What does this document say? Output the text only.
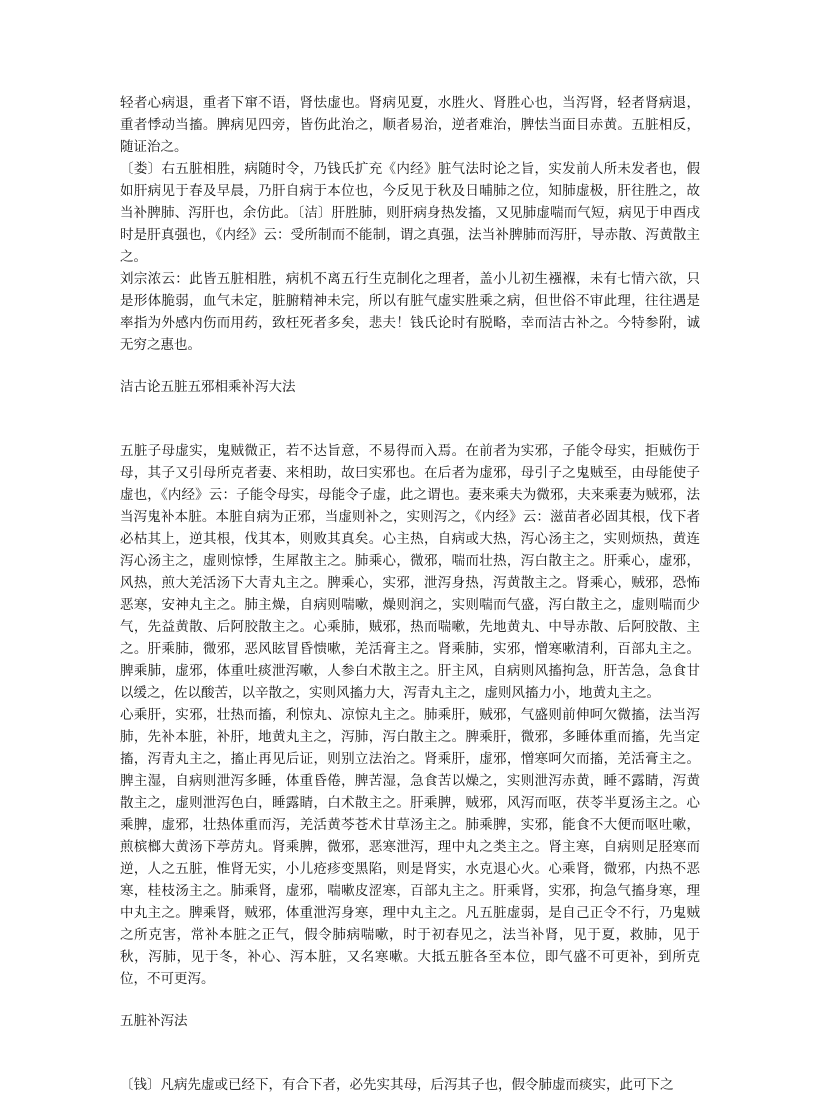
轻者心病退，重者下窜不语，肾怯虚也。肾病见夏，水胜火、肾胜心也，当泻肾，轻者肾病退，重者悸动当搐。脾病见四旁，皆伤此治之，顺者易治，逆者难治，脾怯当面目赤黄。五脏相反，随证治之。

〔娄〕右五脏相胜，病随时令，乃钱氏扩充《内经》脏气法时论之旨，实发前人所未发者也，假如肝病见于春及早晨，乃肝自病于本位也，今反见于秋及日晡肺之位，知肺虚极，肝往胜之，故当补脾肺、泻肝也，余仿此。〔洁〕肝胜肺，则肝病身热发搐，又见肺虚喘而气短，病见于申酉戌时是肝真强也，《内经》云：受所制而不能制，谓之真强，法当补脾肺而泻肝，导赤散、泻黄散主之。

刘宗浓云：此皆五脏相胜，病机不离五行生克制化之理者，盖小儿初生襁褓，未有七情六欲，只是形体脆弱，血气未定，脏腑精神未完，所以有脏气虚实胜乘之病，但世俗不审此理，往往遇是率指为外感内伤而用药，致枉死者多矣，悲夫！钱氏论时有脱略，幸而洁古补之。今特参附，诚无穷之惠也。

洁古论五脏五邪相乘补泻大法

五脏子母虚实，鬼贼微正，若不达旨意，不易得而入焉。在前者为实邪，子能令母实，拒贼伤于母，其子又引母所克者妻、来相助，故曰实邪也。在后者为虚邪，母引子之鬼贼至，由母能使子虚也，《内经》云：子能令母实，母能令子虚，此之谓也。妻来乘夫为微邪，夫来乘妻为贼邪，法当泻鬼补本脏。本脏自病为正邪，当虚则补之，实则泻之，《内经》云：滋苗者必固其根，伐下者必枯其上，逆其根，伐其本，则败其真矣。心主热，自病或大热，泻心汤主之，实则烦热，黄连泻心汤主之，虚则惊悸，生犀散主之。肺乘心，微邪，喘而壮热，泻白散主之。肝乘心，虚邪，风热，煎大羌活汤下大青丸主之。脾乘心，实邪，泄泻身热，泻黄散主之。肾乘心，贼邪，恐怖恶寒，安神丸主之。肺主燥，自病则喘嗽，燥则润之，实则喘而气盛，泻白散主之，虚则喘而少气，先益黄散、后阿胶散主之。心乘肺，贼邪，热而喘嗽，先地黄丸、中导赤散、后阿胶散、主之。肝乘肺，微邪，恶风眩冒昏愦嗽，羌活膏主之。肾乘肺，实邪，憎寒嗽清利，百部丸主之。脾乘肺，虚邪，体重吐痰泄泻嗽，人参白术散主之。肝主风，自病则风搐拘急，肝苦急，急食甘以缓之，佐以酸苦，以辛散之，实则风搐力大，泻青丸主之，虚则风搐力小，地黄丸主之。

心乘肝，实邪，壮热而搐，利惊丸、凉惊丸主之。肺乘肝，贼邪，气盛则前伸呵欠微搐，法当泻肺，先补本脏，补肝，地黄丸主之，泻肺，泻白散主之。脾乘肝，微邪，多睡体重而搐，先当定搐，泻青丸主之，搐止再见后证，则别立法治之。肾乘肝，虚邪，憎寒呵欠而搐，羌活膏主之。脾主湿，自病则泄泻多睡，体重昏倦，脾苦湿，急食苦以燥之，实则泄泻赤黄，睡不露睛，泻黄散主之，虚则泄泻色白，睡露睛，白术散主之。肝乘脾，贼邪，风泻而呕，茯苓半夏汤主之。心乘脾，虚邪，壮热体重而泻，羌活黄芩苍术甘草汤主之。肺乘脾，实邪，能食不大便而呕吐嗽，煎槟榔大黄汤下葶苈丸。肾乘脾，微邪，恶寒泄泻，理中丸之类主之。肾主寒，自病则足胫寒而逆，人之五脏，惟肾无实，小儿疮疹变黑陷，则是肾实，水克退心火。心乘肾，微邪，内热不恶寒，桂枝汤主之。肺乘肾，虚邪，喘嗽皮涩寒，百部丸主之。肝乘肾，实邪，拘急气搐身寒，理中丸主之。脾乘肾，贼邪，体重泄泻身寒，理中丸主之。凡五脏虚弱，是自己正令不行，乃鬼贼之所克害，常补本脏之正气，假令肺病喘嗽，时于初春见之，法当补肾，见于夏，救肺，见于秋，泻肺，见于冬，补心、泻本脏，又名寒嗽。大抵五脏各至本位，即气盛不可更补，到所克位，不可更泻。

五脏补泻法

〔钱〕凡病先虚或已经下，有合下者，必先实其母，后泻其子也，假令肺虚而痰实，此可下之
